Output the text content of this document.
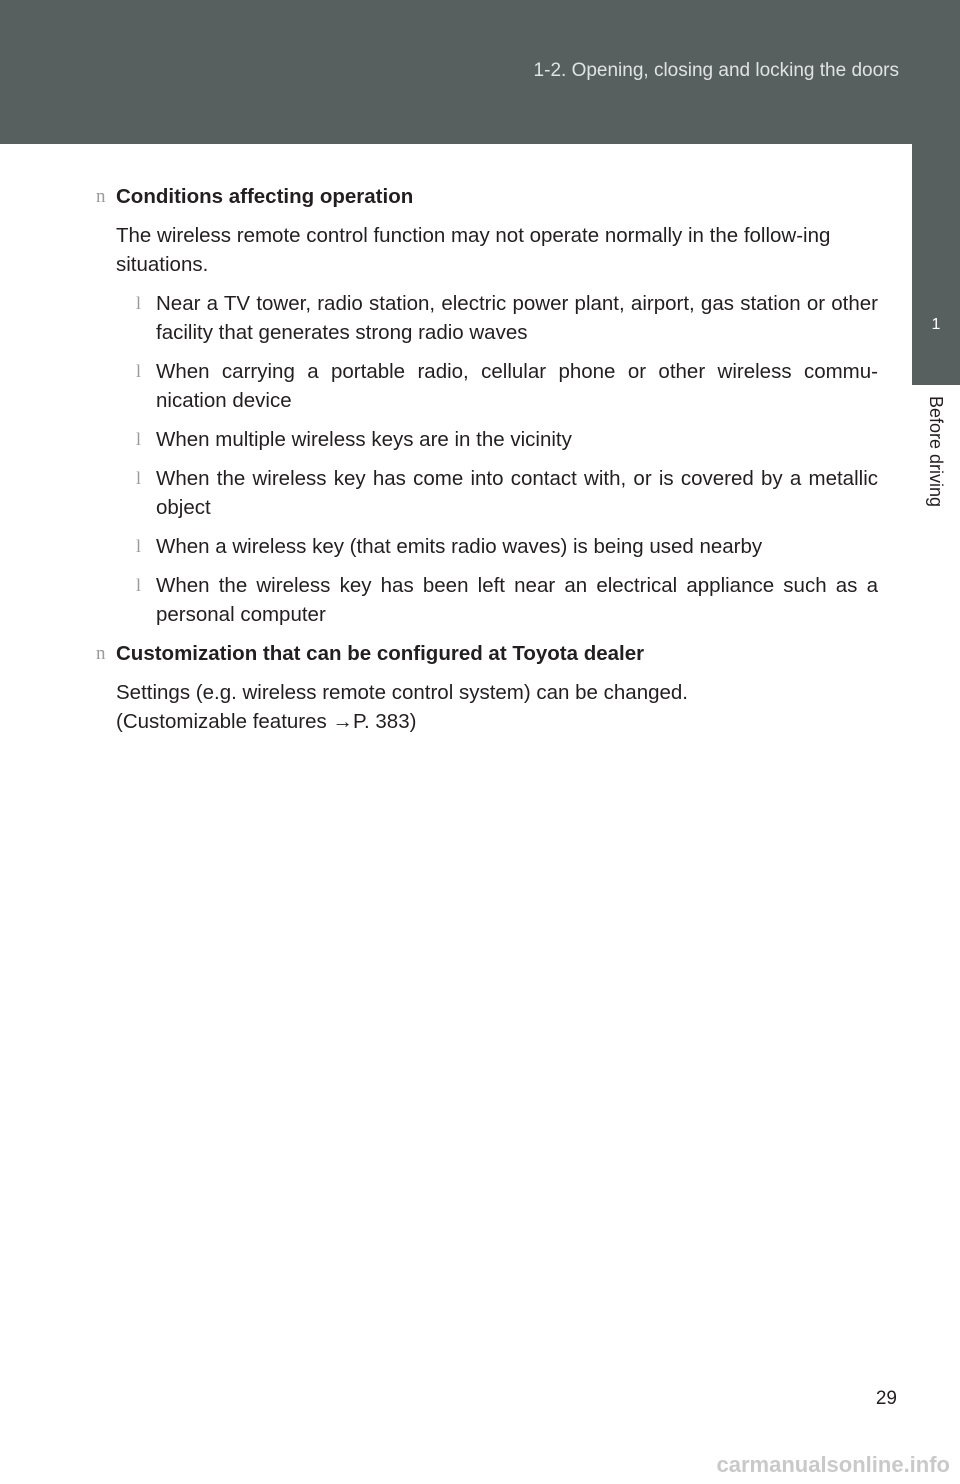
1-2. Opening, closing and locking the doors
1
Before driving
n Conditions affecting operation

The wireless remote control function may not operate normally in the follow-ing situations.

l Near a TV tower, radio station, electric power plant, airport, gas station or other facility that generates strong radio waves
l When carrying a portable radio, cellular phone or other wireless commu-nication device
l When multiple wireless keys are in the vicinity
l When the wireless key has come into contact with, or is covered by a metallic object
l When a wireless key (that emits radio waves) is being used nearby
l When the wireless key has been left near an electrical appliance such as a personal computer
n Customization that can be configured at Toyota dealer

Settings (e.g. wireless remote control system) can be changed.

(Customizable features →P. 383)

29
carmanualsonline.info
